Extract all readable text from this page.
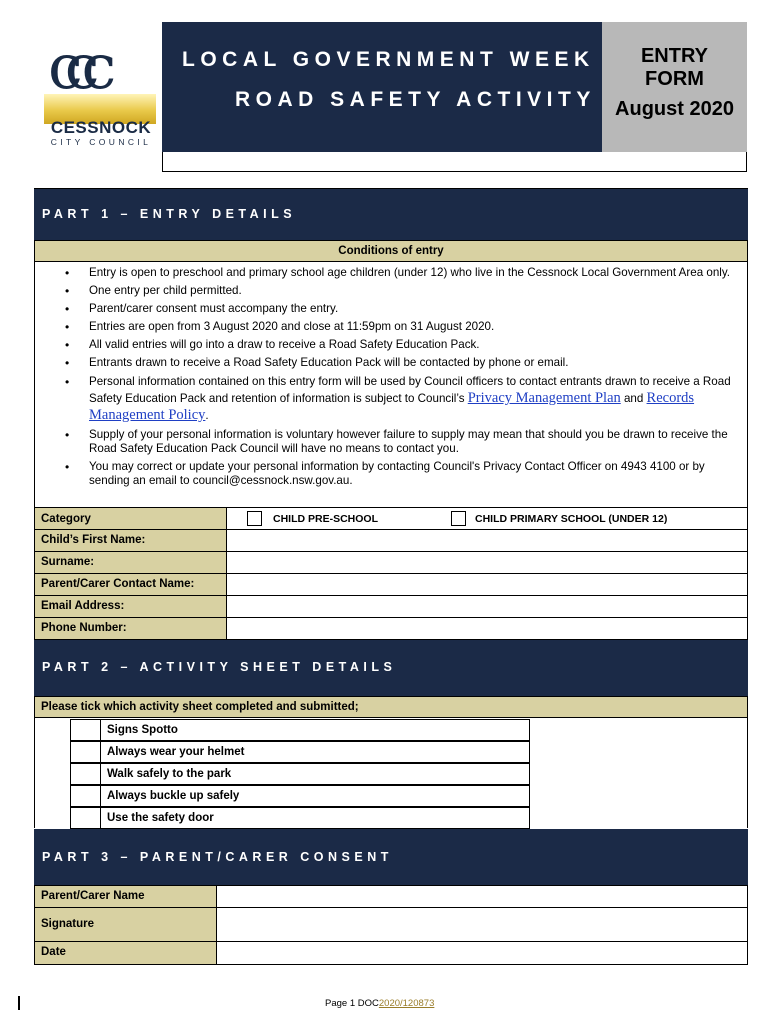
ccc
CESSNOCK
CITY COUNCIL
LOCAL GOVERNMENT WEEK
ROAD SAFETY ACTIVITY
ENTRY
FORM
August 2020
PART 1 – ENTRY DETAILS
Conditions of entry
• Entry is open to preschool and primary school age children (under 12) who live in the Cessnock Local Government Area only.
• One entry per child permitted.
• Parent/carer consent must accompany the entry.
• Entries are open from 3 August 2020 and close at 11:59pm on 31 August 2020.
• All valid entries will go into a draw to receive a Road Safety Education Pack.
• Entrants drawn to receive a Road Safety Education Pack will be contacted by phone or email.
• Personal information contained on this entry form will be used by Council officers to contact entrants drawn to receive a Road Safety Education Pack and retention of information is subject to Council’s Privacy Management Plan and Records Management Policy.
• Supply of your personal information is voluntary however failure to supply may mean that should you be drawn to receive the Road Safety Education Pack Council will have no means to contact you.
• You may correct or update your personal information by contacting Council's Privacy Contact Officer on 4943 4100 or by sending an email to council@cessnock.nsw.gov.au.
Category	CHILD PRE-SCHOOL	CHILD PRIMARY SCHOOL (UNDER 12)
Child’s First Name:
Surname:
Parent/Carer Contact Name:
Email Address:
Phone Number:
PART 2 – ACTIVITY SHEET DETAILS
Please tick which activity sheet completed and submitted;
Signs Spotto
Always wear your helmet
Walk safely to the park
Always buckle up safely
Use the safety door
PART 3 – PARENT/CARER CONSENT
Parent/Carer Name
Signature
Date
Page 1 DOC2020/120873
